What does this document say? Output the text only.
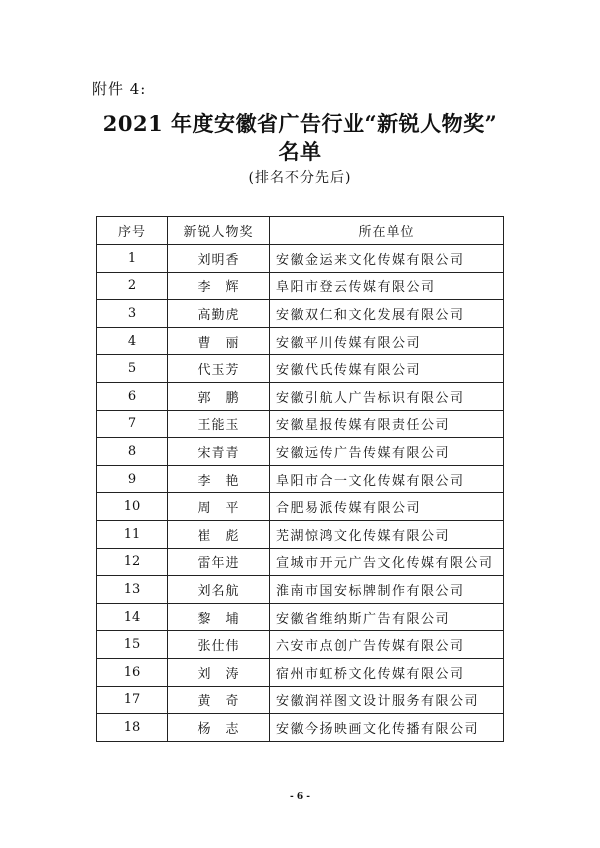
附件 4:
2021 年度安徽省广告行业“新锐人物奖”
名单
(排名不分先后)
序号	新锐人物奖	所在单位
1	刘明香	安徽金运来文化传媒有限公司
2	李　辉	阜阳市登云传媒有限公司
3	高勤虎	安徽双仁和文化发展有限公司
4	曹　丽	安徽平川传媒有限公司
5	代玉芳	安徽代氏传媒有限公司
6	郭　鹏	安徽引航人广告标识有限公司
7	王能玉	安徽星报传媒有限责任公司
8	宋青青	安徽远传广告传媒有限公司
9	李　艳	阜阳市合一文化传媒有限公司
10	周　平	合肥易派传媒有限公司
11	崔　彪	芜湖惊鸿文化传媒有限公司
12	雷年进	宣城市开元广告文化传媒有限公司
13	刘名航	淮南市国安标牌制作有限公司
14	黎　埔	安徽省维纳斯广告有限公司
15	张仕伟	六安市点创广告传媒有限公司
16	刘　涛	宿州市虹桥文化传媒有限公司
17	黄　奇	安徽润祥图文设计服务有限公司
18	杨　志	安徽今扬映画文化传播有限公司
- 6 -
